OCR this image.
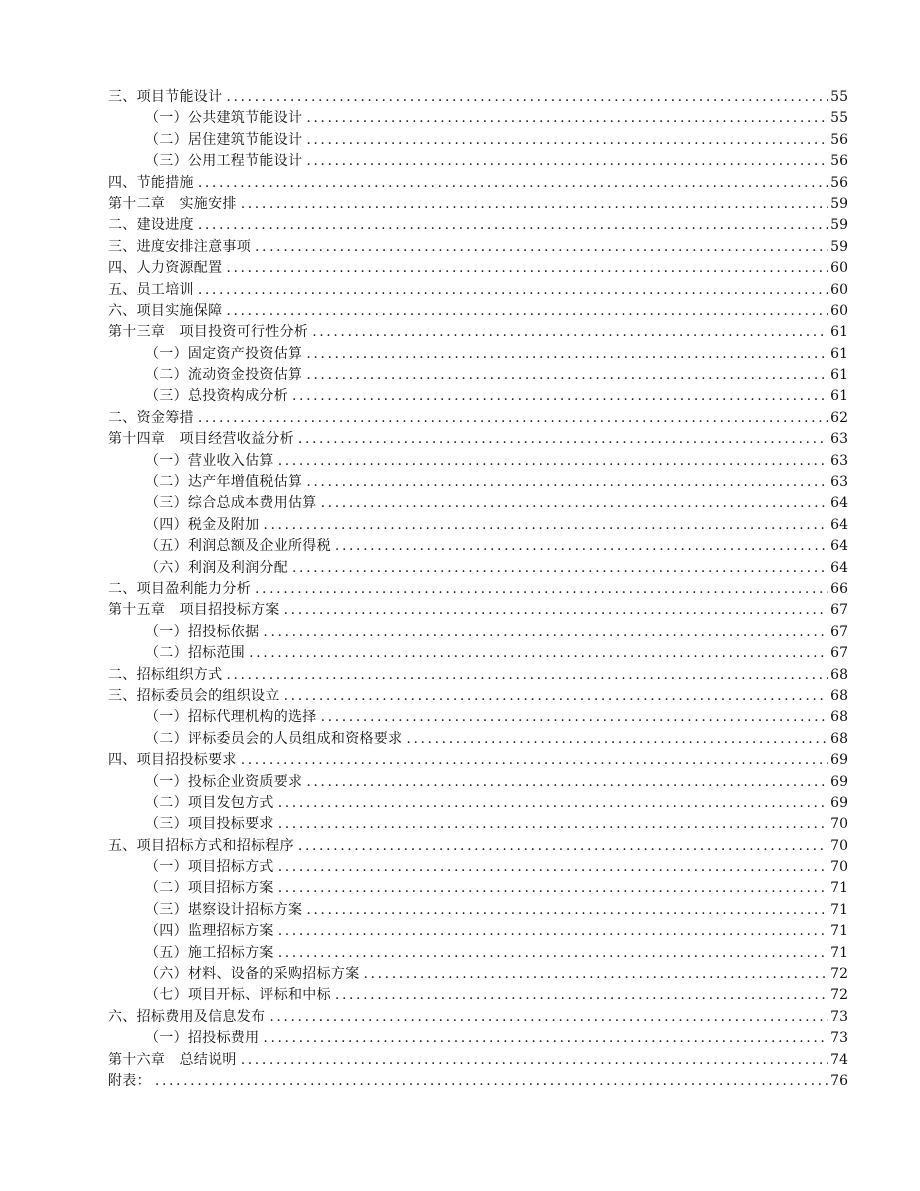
三、项目节能设计 .....	55
（一）公共建筑节能设计 .....	55
（二）居住建筑节能设计 .....	56
（三）公用工程节能设计 .....	56
四、节能措施 .....	56
第十二章　实施安排 .....	59
二、建设进度 .....	59
三、进度安排注意事项 .....	59
四、人力资源配置 .....	60
五、员工培训 .....	60
六、项目实施保障 .....	60
第十三章　项目投资可行性分析 .....	61
（一）固定资产投资估算 .....	61
（二）流动资金投资估算 .....	61
（三）总投资构成分析 .....	61
二、资金筹措 .....	62
第十四章　项目经营收益分析 .....	63
（一）营业收入估算 .....	63
（二）达产年增值税估算 .....	63
（三）综合总成本费用估算 .....	64
（四）税金及附加 .....	64
（五）利润总额及企业所得税 .....	64
（六）利润及利润分配 .....	64
二、项目盈利能力分析 .....	66
第十五章　项目招投标方案 .....	67
（一）招投标依据 .....	67
（二）招标范围 .....	67
二、招标组织方式 .....	68
三、招标委员会的组织设立 .....	68
（一）招标代理机构的选择 .....	68
（二）评标委员会的人员组成和资格要求 .....	68
四、项目招投标要求 .....	69
（一）投标企业资质要求 .....	69
（二）项目发包方式 .....	69
（三）项目投标要求 .....	70
五、项目招标方式和招标程序 .....	70
（一）项目招标方式 .....	70
（二）项目招标方案 .....	71
（三）堪察设计招标方案 .....	71
（四）监理招标方案 .....	71
（五）施工招标方案 .....	71
（六）材料、设备的采购招标方案 .....	72
（七）项目开标、评标和中标 .....	72
六、招标费用及信息发布 .....	73
（一）招投标费用 .....	73
第十六章　总结说明 .....	74
附表： .....	76
